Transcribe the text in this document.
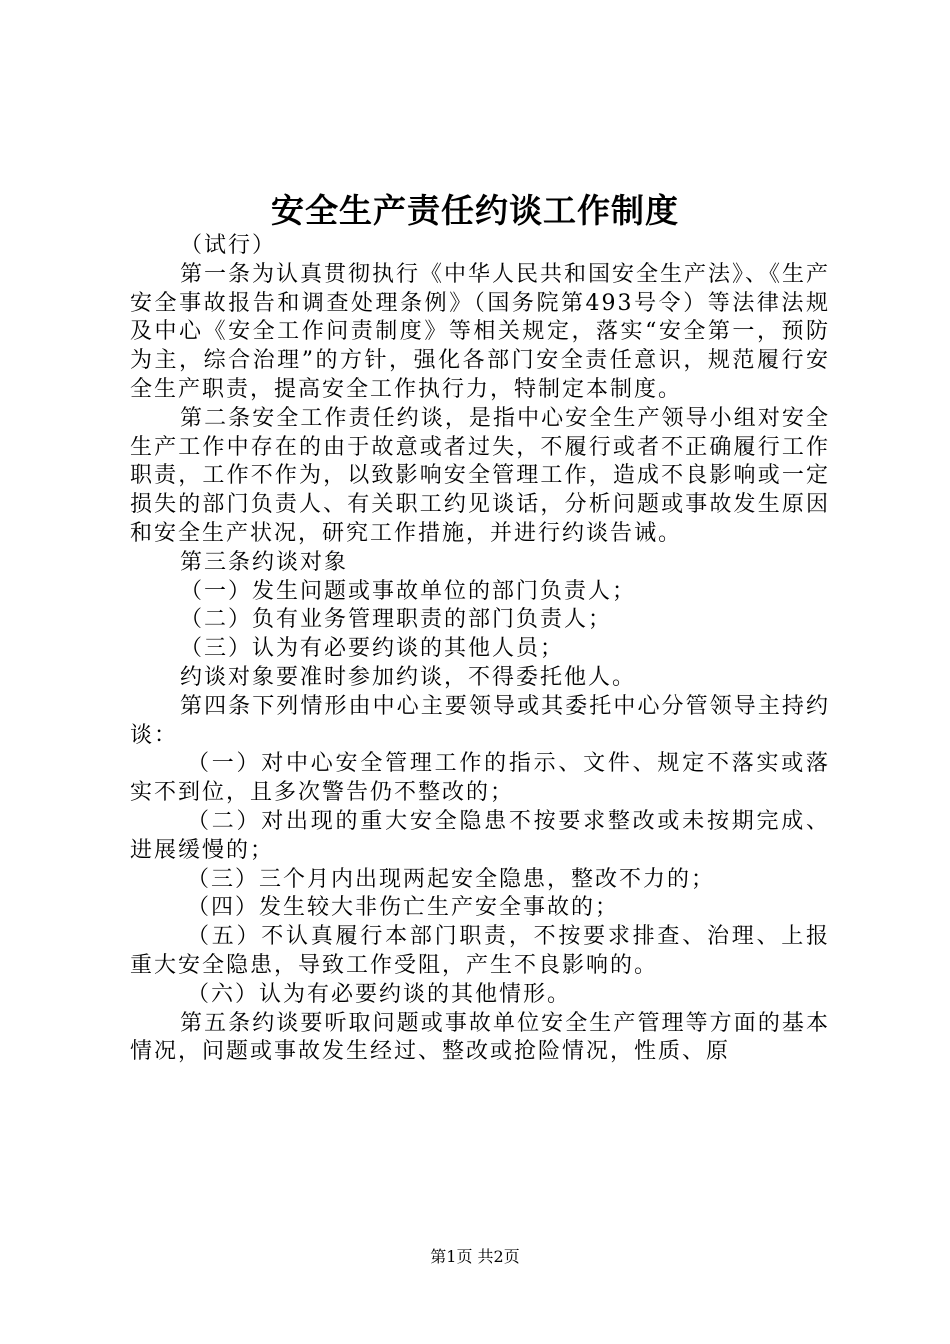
安全生产责任约谈工作制度

（试行）

第一条为认真贯彻执行《中华人民共和国安全生产法》、《生产安全事故报告和调查处理条例》（国务院第493号令）等法律法规及中心《安全工作问责制度》等相关规定，落实“安全第一，预防为主，综合治理”的方针，强化各部门安全责任意识，规范履行安全生产职责，提高安全工作执行力，特制定本制度。

第二条安全工作责任约谈，是指中心安全生产领导小组对安全生产工作中存在的由于故意或者过失，不履行或者不正确履行工作职责，工作不作为，以致影响安全管理工作，造成不良影响或一定损失的部门负责人、有关职工约见谈话，分析问题或事故发生原因和安全生产状况，研究工作措施，并进行约谈告诫。

第三条约谈对象

（一）发生问题或事故单位的部门负责人；

（二）负有业务管理职责的部门负责人；

（三）认为有必要约谈的其他人员；

约谈对象要准时参加约谈，不得委托他人。

第四条下列情形由中心主要领导或其委托中心分管领导主持约谈：

（一）对中心安全管理工作的指示、文件、规定不落实或落实不到位，且多次警告仍不整改的；

（二）对出现的重大安全隐患不按要求整改或未按期完成、进展缓慢的；

（三）三个月内出现两起安全隐患，整改不力的；

（四）发生较大非伤亡生产安全事故的；

（五）不认真履行本部门职责，不按要求排查、治理、上报重大安全隐患，导致工作受阻，产生不良影响的。

（六）认为有必要约谈的其他情形。

第五条约谈要听取问题或事故单位安全生产管理等方面的基本情况，问题或事故发生经过、整改或抢险情况，性质、原

第1页 共2页
